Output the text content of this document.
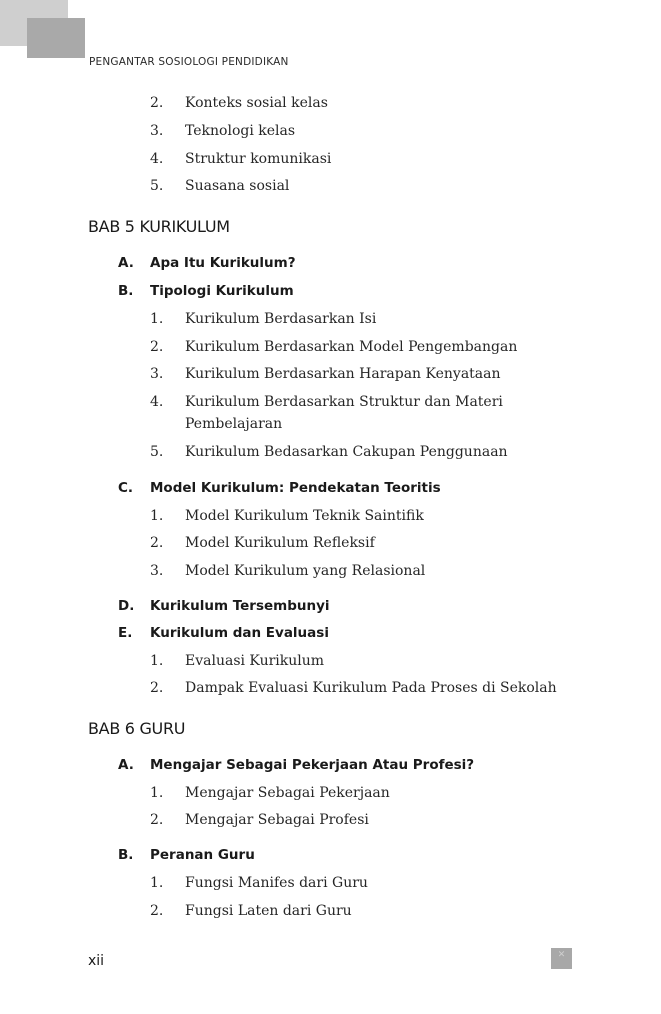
PENGANTAR SOSIOLOGI PENDIDIKAN
2. Konteks sosial kelas
3. Teknologi kelas
4. Struktur komunikasi
5. Suasana sosial
BAB 5 KURIKULUM
A. Apa Itu Kurikulum?
B. Tipologi Kurikulum
1. Kurikulum Berdasarkan Isi
2. Kurikulum Berdasarkan Model Pengembangan
3. Kurikulum Berdasarkan Harapan Kenyataan
4. Kurikulum Berdasarkan Struktur dan Materi
Pembelajaran
5. Kurikulum Bedasarkan Cakupan Penggunaan
C. Model Kurikulum: Pendekatan Teoritis
1. Model Kurikulum Teknik Saintifik
2. Model Kurikulum Refleksif
3. Model Kurikulum yang Relasional
D. Kurikulum Tersembunyi
E. Kurikulum dan Evaluasi
1. Evaluasi Kurikulum
2. Dampak Evaluasi Kurikulum Pada Proses di Sekolah
BAB 6 GURU
A. Mengajar Sebagai Pekerjaan Atau Profesi?
1. Mengajar Sebagai Pekerjaan
2. Mengajar Sebagai Profesi
B. Peranan Guru
1. Fungsi Manifes dari Guru
2. Fungsi Laten dari Guru
xii	✕
